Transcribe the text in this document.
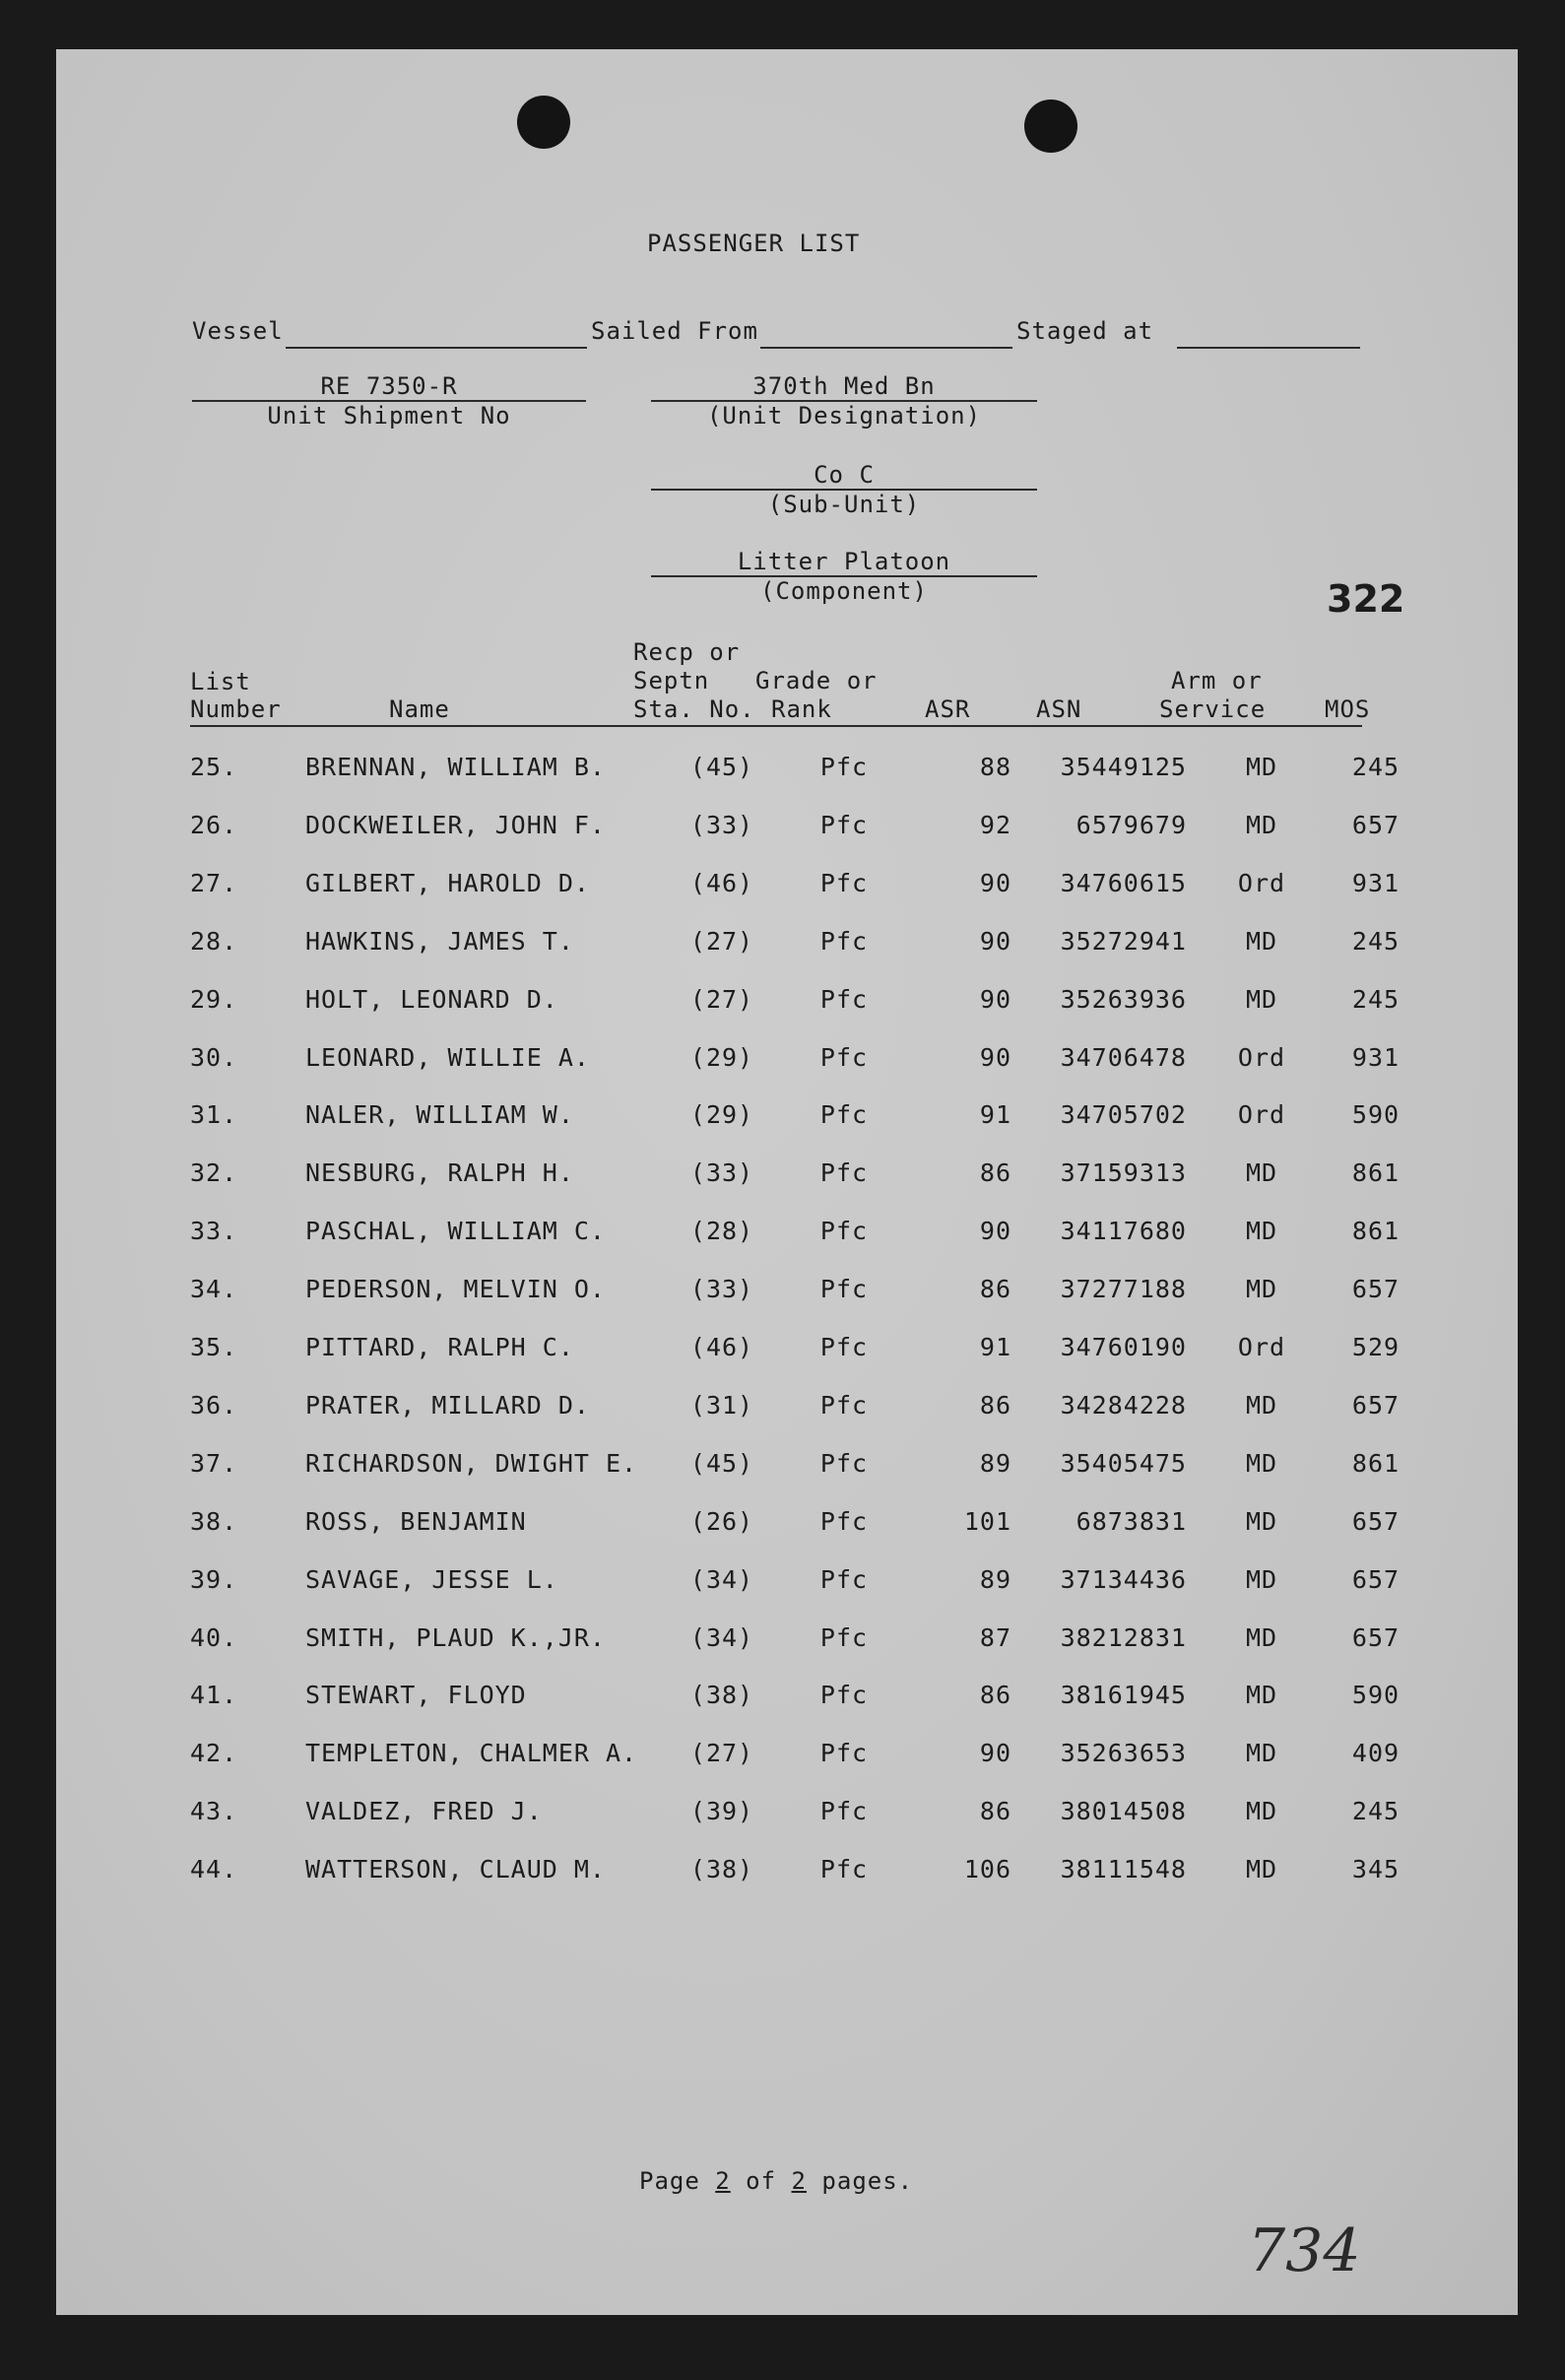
PASSENGER LIST
Vessel	Sailed From	Staged at
RE 7350-R
Unit Shipment No
370th Med Bn
(Unit Designation)
Co C
(Sub-Unit)
Litter Platoon
(Component)	322
List
Number	Name
Recp or
Septn
Sta. No.
Grade or
Rank	ASR	ASN
Arm or
Service MOS
25.	BRENNAN, WILLIAM B.	(45)	Pfc	88	35449125	MD	245
26.	DOCKWEILER, JOHN F.	(33)	Pfc	92	6579679	MD	657
27.	GILBERT, HAROLD D.	(46)	Pfc	90	34760615	Ord	931
28.	HAWKINS, JAMES T.	(27)	Pfc	90	35272941	MD	245
29.	HOLT, LEONARD D.	(27)	Pfc	90	35263936	MD	245
30.	LEONARD, WILLIE A.	(29)	Pfc	90	34706478	Ord	931
31.	NALER, WILLIAM W.	(29)	Pfc	91	34705702	Ord	590
32.	NESBURG, RALPH H.	(33)	Pfc	86	37159313	MD	861
33.	PASCHAL, WILLIAM C.	(28)	Pfc	90	34117680	MD	861
34.	PEDERSON, MELVIN O.	(33)	Pfc	86	37277188	MD	657
35.	PITTARD, RALPH C.	(46)	Pfc	91	34760190	Ord	529
36.	PRATER, MILLARD D.	(31)	Pfc	86	34284228	MD	657
37.	RICHARDSON, DWIGHT E.	(45)	Pfc	89	35405475	MD	861
38.	ROSS, BENJAMIN	(26)	Pfc	101	6873831	MD	657
39.	SAVAGE, JESSE L.	(34)	Pfc	89	37134436	MD	657
40.	SMITH, PLAUD K.,JR.	(34)	Pfc	87	38212831	MD	657
41.	STEWART, FLOYD	(38)	Pfc	86	38161945	MD	590
42.	TEMPLETON, CHALMER A.	(27)	Pfc	90	35263653	MD	409
43.	VALDEZ, FRED J.	(39)	Pfc	86	38014508	MD	245
44.	WATTERSON, CLAUD M.	(38)	Pfc	106	38111548	MD	345
Page 2 of 2 pages.
734
